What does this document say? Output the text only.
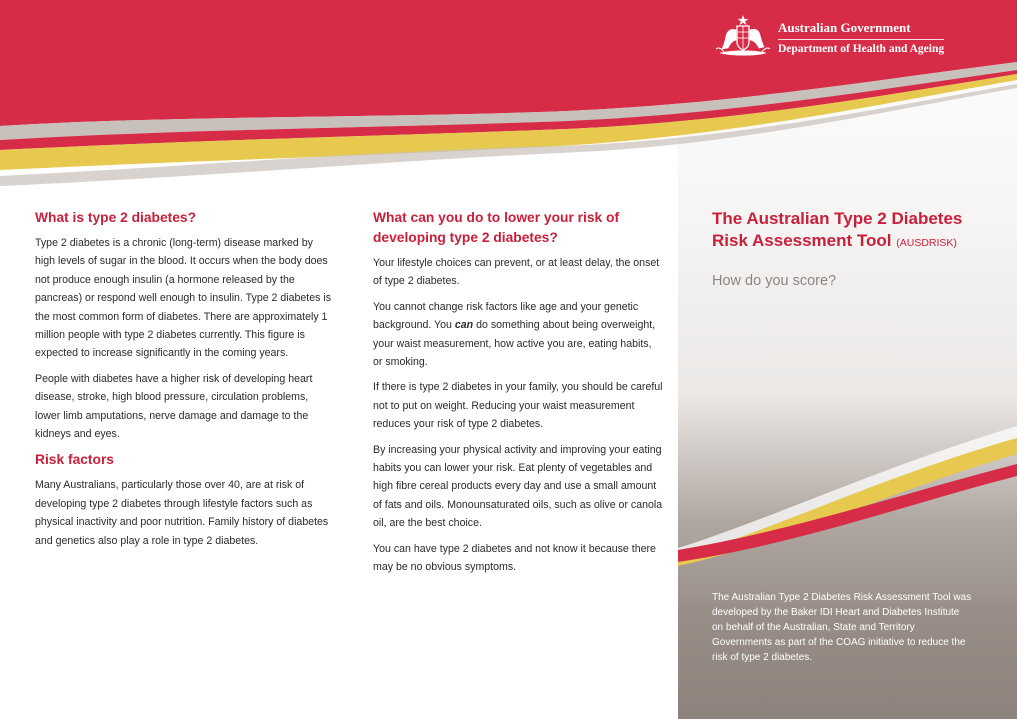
Australian Government
Department of Health and Ageing
What is type 2 diabetes?

Type 2 diabetes is a chronic (long-term) disease marked by high levels of sugar in the blood. It occurs when the body does not produce enough insulin (a hormone released by the pancreas) or respond well enough to insulin. Type 2 diabetes is the most common form of diabetes. There are approximately 1 million people with type 2 diabetes currently. This figure is expected to increase significantly in the coming years.

People with diabetes have a higher risk of developing heart disease, stroke, high blood pressure, circulation problems, lower limb amputations, nerve damage and damage to the kidneys and eyes.

Risk factors

Many Australians, particularly those over 40, are at risk of developing type 2 diabetes through lifestyle factors such as physical inactivity and poor nutrition. Family history of diabetes and genetics also play a role in type 2 diabetes.

What can you do to lower your risk of developing type 2 diabetes?

Your lifestyle choices can prevent, or at least delay, the onset of type 2 diabetes.

You cannot change risk factors like age and your genetic background. You can do something about being overweight, your waist measurement, how active you are, eating habits, or smoking.

If there is type 2 diabetes in your family, you should be careful not to put on weight. Reducing your waist measurement reduces your risk of type 2 diabetes.

By increasing your physical activity and improving your eating habits you can lower your risk. Eat plenty of vegetables and high fibre cereal products every day and use a small amount of fats and oils. Monounsaturated oils, such as olive or canola oil, are the best choice.

You can have type 2 diabetes and not know it because there may be no obvious symptoms.

The Australian Type 2 Diabetes
Risk Assessment Tool (AUSDRISK)
How do you score?

The Australian Type 2 Diabetes Risk Assessment Tool was developed by the Baker IDI Heart and Diabetes Institute on behalf of the Australian, State and Territory Governments as part of the COAG initiative to reduce the risk of type 2 diabetes.
